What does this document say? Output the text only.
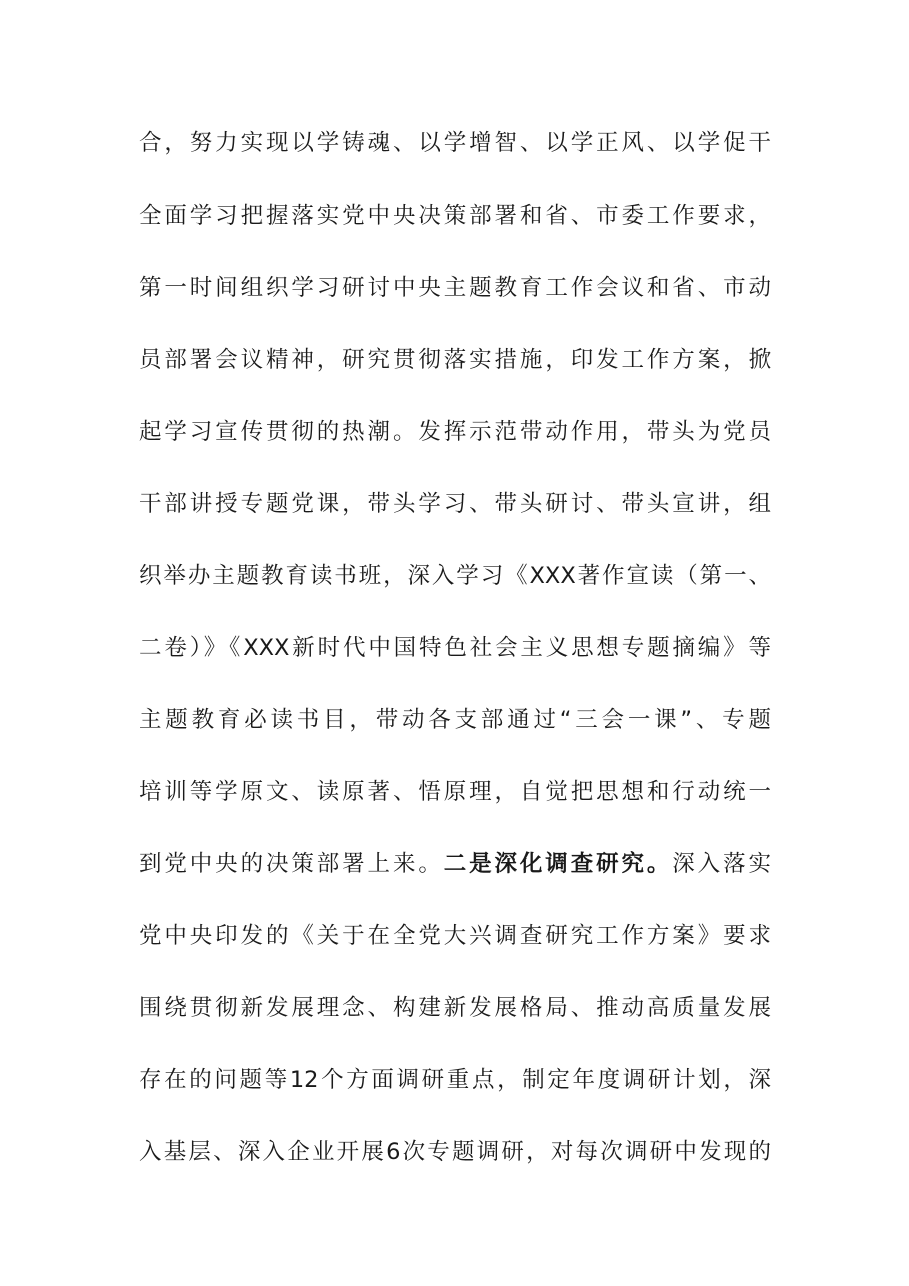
合，努力实现以学铸魂、以学增智、以学正风、以学促干

全面学习把握落实党中央决策部署和省、市委工作要求，

第一时间组织学习研讨中央主题教育工作会议和省、市动

员部署会议精神，研究贯彻落实措施，印发工作方案，掀

起学习宣传贯彻的热潮。发挥示范带动作用，带头为党员

干部讲授专题党课，带头学习、带头研讨、带头宣讲，组

织举办主题教育读书班，深入学习《XXX著作宣读（第一、

二卷）》《XXX新时代中国特色社会主义思想专题摘编》等

主题教育必读书目，带动各支部通过“三会一课”、专题

培训等学原文、读原著、悟原理，自觉把思想和行动统一

到党中央的决策部署上来。二是深化调查研究。深入落实

党中央印发的《关于在全党大兴调查研究工作方案》要求

围绕贯彻新发展理念、构建新发展格局、推动高质量发展

存在的问题等12个方面调研重点，制定年度调研计划，深

入基层、深入企业开展6次专题调研，对每次调研中发现的
